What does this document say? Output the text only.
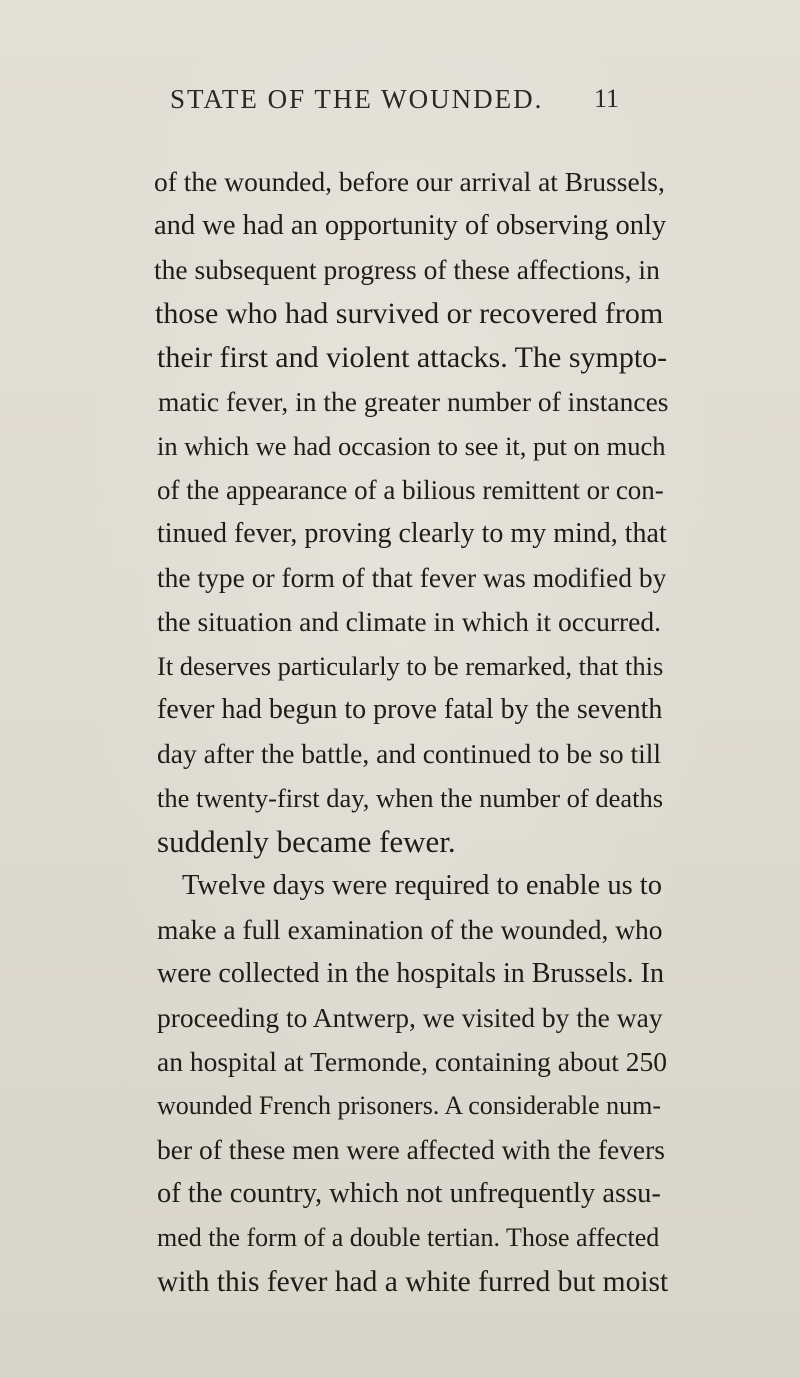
STATE OF THE WOUNDED. 11
of the wounded, before our arrival at Brussels,
and we had an opportunity of observing only
the subsequent progress of these affections, in
those who had survived or recovered from
their first and violent attacks. The sympto-
matic fever, in the greater number of instances
in which we had occasion to see it, put on much
of the appearance of a bilious remittent or con-
tinued fever, proving clearly to my mind, that
the type or form of that fever was modified by
the situation and climate in which it occurred.
It deserves particularly to be remarked, that this
fever had begun to prove fatal by the seventh
day after the battle, and continued to be so till
the twenty-first day, when the number of deaths
suddenly became fewer.
Twelve days were required to enable us to
make a full examination of the wounded, who
were collected in the hospitals in Brussels. In
proceeding to Antwerp, we visited by the way
an hospital at Termonde, containing about 250
wounded French prisoners. A considerable num-
ber of these men were affected with the fevers
of the country, which not unfrequently assu-
med the form of a double tertian. Those affected
with this fever had a white furred but moist
